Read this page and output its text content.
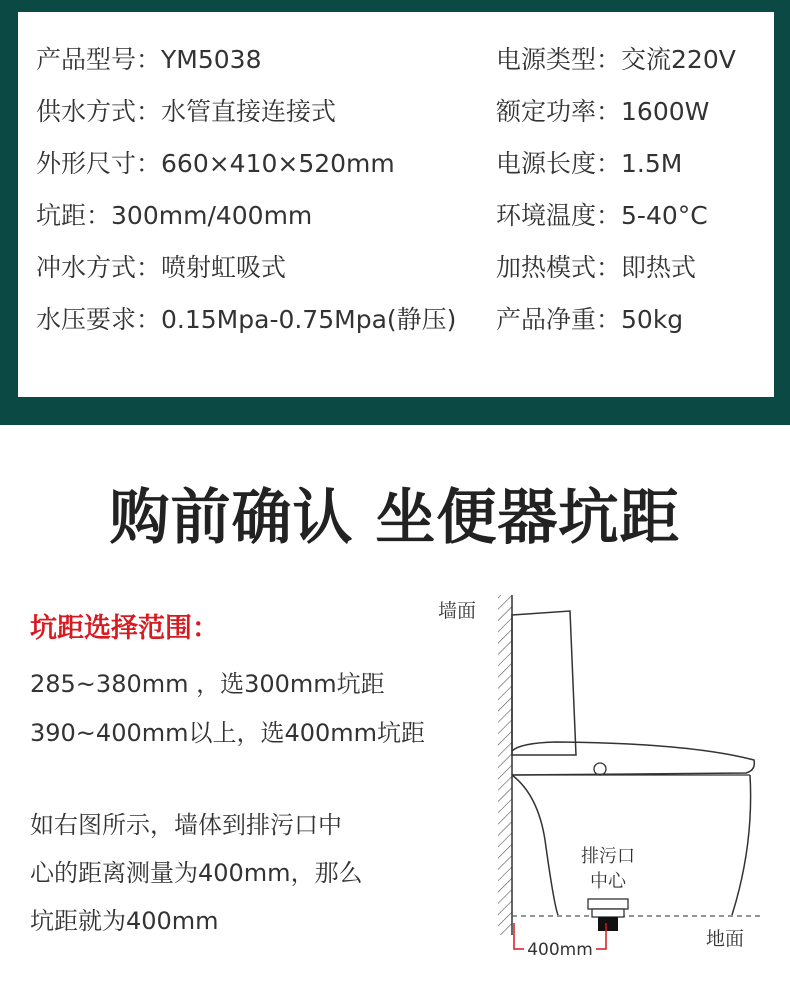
产品型号：YM5038
供水方式：水管直接连接式
外形尺寸：660×410×520mm
坑距：300mm/400mm
冲水方式：喷射虹吸式
水压要求：0.15Mpa-0.75Mpa(静压)
电源类型：交流220V
额定功率：1600W
电源长度：1.5M
环境温度：5-40°C
加热模式：即热式
产品净重：50kg
购前确认 坐便器坑距
坑距选择范围：
285~380mm ，选300mm坑距
390~400mm以上，选400mm坑距
如右图所示，墙体到排污口中
心的距离测量为400mm，那么
坑距就为400mm
墙面
地面
排污口
中心
400mm
